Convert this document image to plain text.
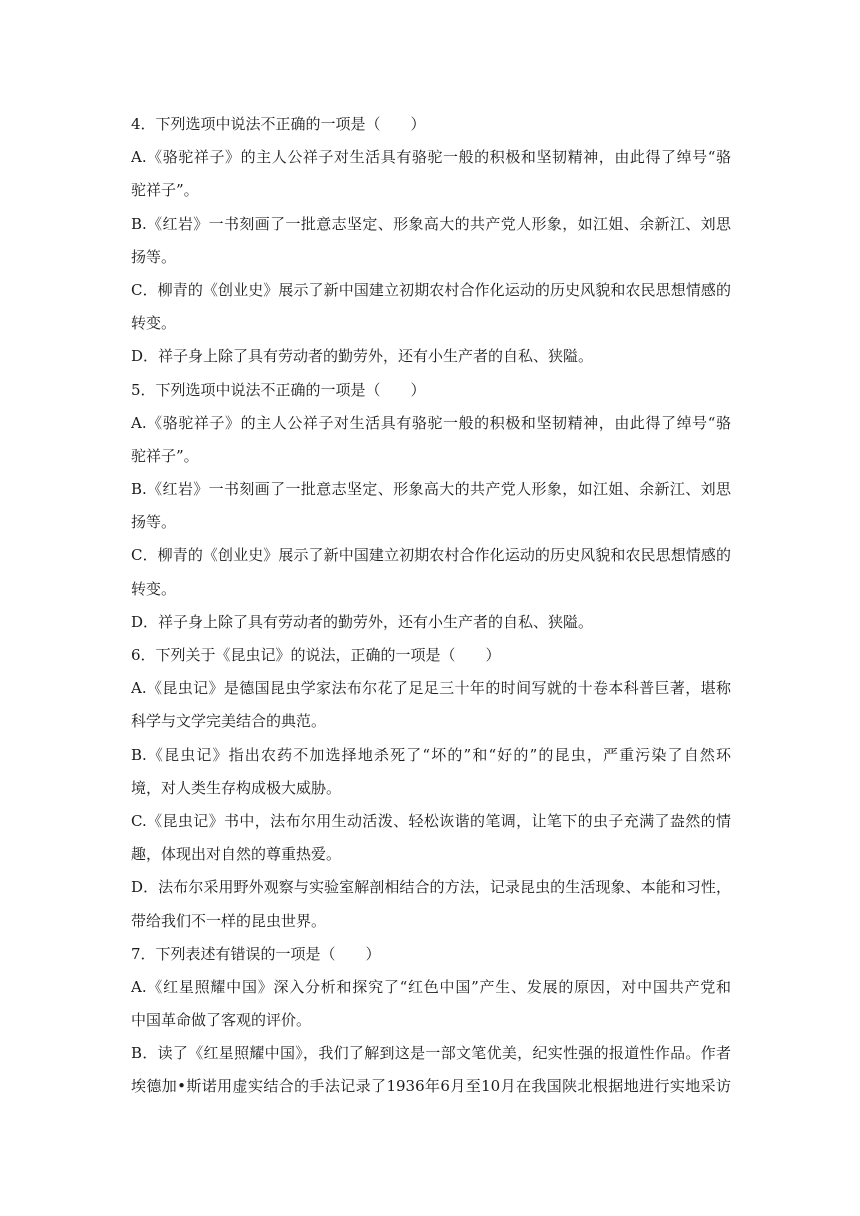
4．下列选项中说法不正确的一项是（　　）
A.《骆驼祥子》的主人公祥子对生活具有骆驼一般的积极和坚韧精神，由此得了绰号“骆
驼祥子”。
B.《红岩》一书刻画了一批意志坚定、形象高大的共产党人形象，如江姐、余新江、刘思
扬等。
C．柳青的《创业史》展示了新中国建立初期农村合作化运动的历史风貌和农民思想情感的
转变。
D．祥子身上除了具有劳动者的勤劳外，还有小生产者的自私、狭隘。
5．下列选项中说法不正确的一项是（　　）
A.《骆驼祥子》的主人公祥子对生活具有骆驼一般的积极和坚韧精神，由此得了绰号“骆
驼祥子”。
B.《红岩》一书刻画了一批意志坚定、形象高大的共产党人形象，如江姐、余新江、刘思
扬等。
C．柳青的《创业史》展示了新中国建立初期农村合作化运动的历史风貌和农民思想情感的
转变。
D．祥子身上除了具有劳动者的勤劳外，还有小生产者的自私、狭隘。
6．下列关于《昆虫记》的说法，正确的一项是（　　）
A.《昆虫记》是德国昆虫学家法布尔花了足足三十年的时间写就的十卷本科普巨著，堪称
科学与文学完美结合的典范。
B.《昆虫记》指出农药不加选择地杀死了“坏的”和“好的”的昆虫，严重污染了自然环
境，对人类生存构成极大威胁。
C.《昆虫记》书中，法布尔用生动活泼、轻松诙谐的笔调，让笔下的虫子充满了盎然的情
趣，体现出对自然的尊重热爱。
D．法布尔采用野外观察与实验室解剖相结合的方法，记录昆虫的生活现象、本能和习性，
带给我们不一样的昆虫世界。
7．下列表述有错误的一项是（　　）
A.《红星照耀中国》深入分析和探究了“红色中国”产生、发展的原因，对中国共产党和
中国革命做了客观的评价。
B．读了《红星照耀中国》，我们了解到这是一部文笔优美，纪实性强的报道性作品。作者
埃德加•斯诺用虚实结合的手法记录了1936年6月至10月在我国陕北根据地进行实地采访
